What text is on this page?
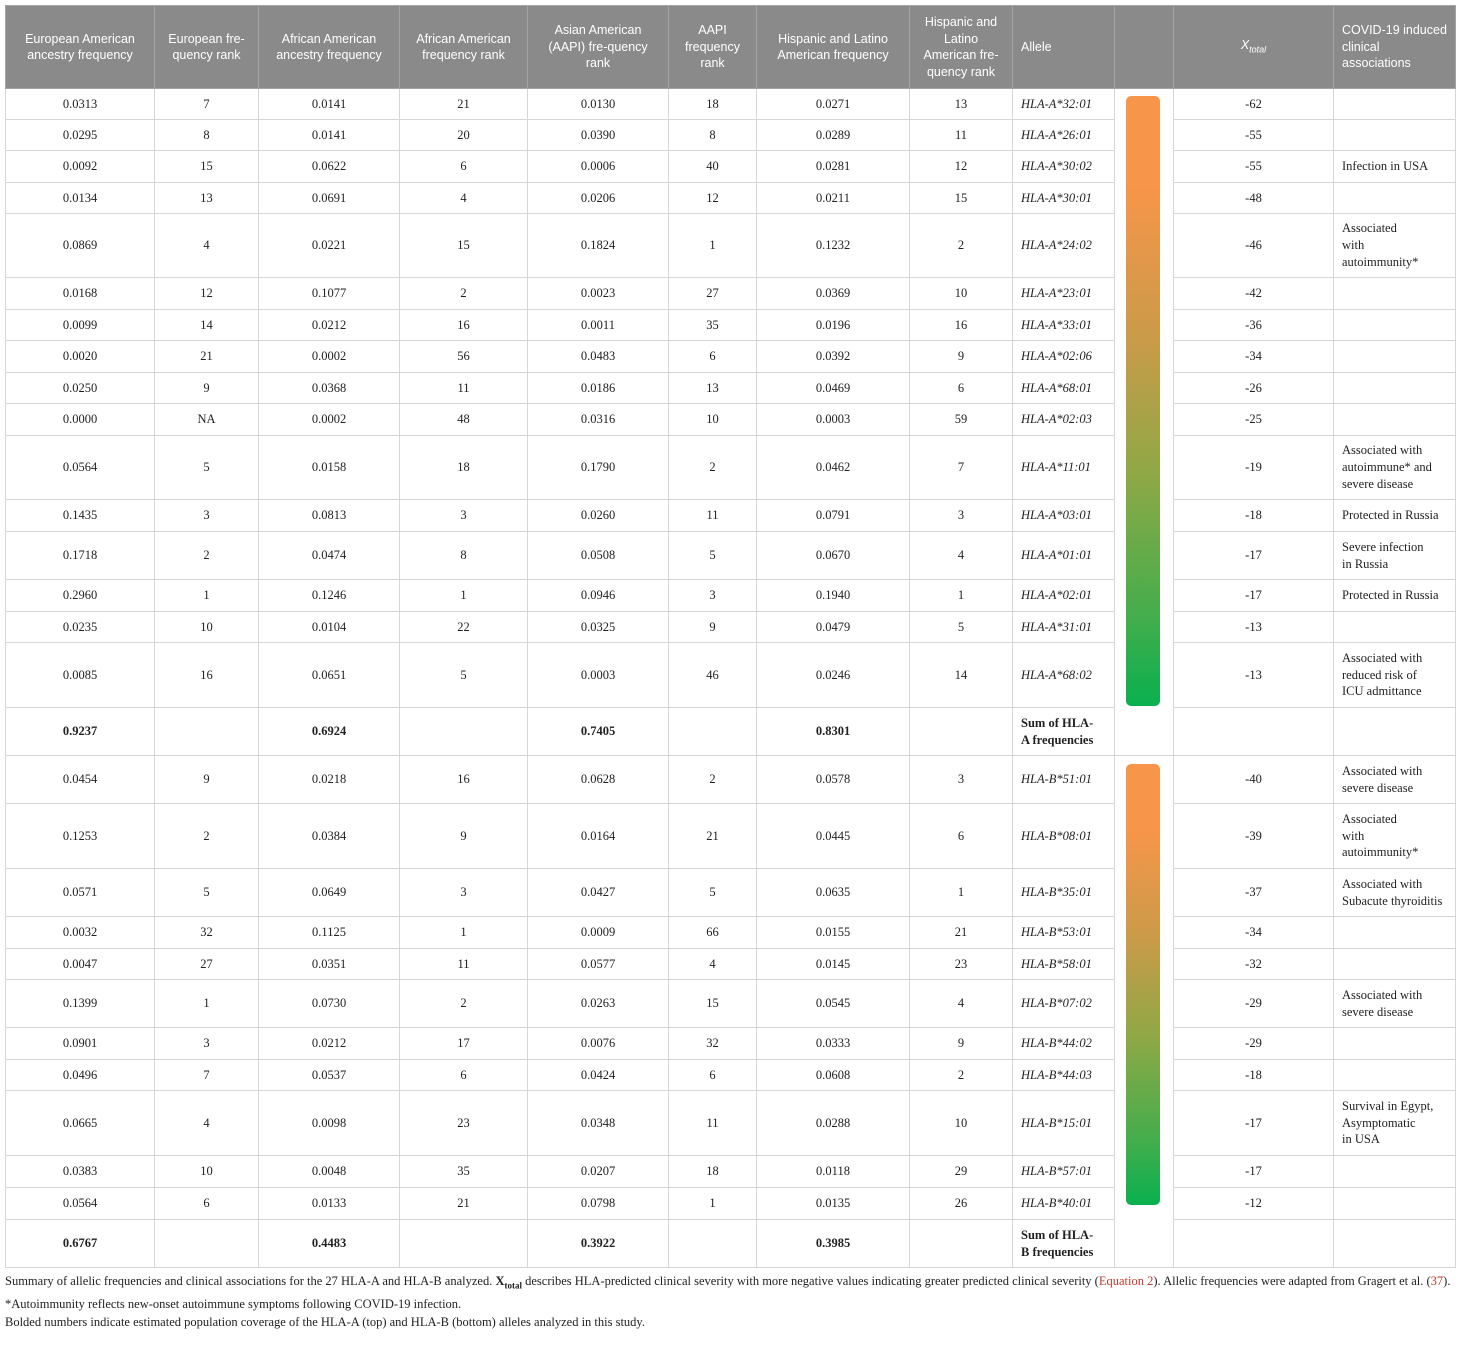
European American ancestry frequency	European fre-quency rank	African American ancestry frequency	African American frequency rank	Asian American (AAPI) fre-quency rank	AAPI frequency rank	Hispanic and Latino American frequency	Hispanic and Latino American fre-quency rank	Allele		$X_{total}$	COVID-19 induced clinical associations
0.0313	7	0.0141	21	0.0130	18	0.0271	13	HLA-A*32:01		-62	
0.0295	8	0.0141	20	0.0390	8	0.0289	11	HLA-A*26:01		-55	
0.0092	15	0.0622	6	0.0006	40	0.0281	12	HLA-A*30:02		-55	Infection in USA
0.0134	13	0.0691	4	0.0206	12	0.0211	15	HLA-A*30:01		-48	
0.0869	4	0.0221	15	0.1824	1	0.1232	2	HLA-A*24:02		-46	Associated
with
autoimmunity*
0.0168	12	0.1077	2	0.0023	27	0.0369	10	HLA-A*23:01		-42	
0.0099	14	0.0212	16	0.0011	35	0.0196	16	HLA-A*33:01		-36	
0.0020	21	0.0002	56	0.0483	6	0.0392	9	HLA-A*02:06		-34	
0.0250	9	0.0368	11	0.0186	13	0.0469	6	HLA-A*68:01		-26	
0.0000	NA	0.0002	48	0.0316	10	0.0003	59	HLA-A*02:03		-25	
0.0564	5	0.0158	18	0.1790	2	0.0462	7	HLA-A*11:01		-19	Associated with
autoimmune* and
severe disease
0.1435	3	0.0813	3	0.0260	11	0.0791	3	HLA-A*03:01		-18	Protected in Russia
0.1718	2	0.0474	8	0.0508	5	0.0670	4	HLA-A*01:01		-17	Severe infection
in Russia
0.2960	1	0.1246	1	0.0946	3	0.1940	1	HLA-A*02:01		-17	Protected in Russia
0.0235	10	0.0104	22	0.0325	9	0.0479	5	HLA-A*31:01		-13	
0.0085	16	0.0651	5	0.0003	46	0.0246	14	HLA-A*68:02		-13	Associated with
reduced risk of
ICU admittance
0.9237		0.6924		0.7405		0.8301		Sum of HLA-
A frequencies			
0.0454	9	0.0218	16	0.0628	2	0.0578	3	HLA-B*51:01		-40	Associated with
severe disease
0.1253	2	0.0384	9	0.0164	21	0.0445	6	HLA-B*08:01		-39	Associated
with
autoimmunity*
0.0571	5	0.0649	3	0.0427	5	0.0635	1	HLA-B*35:01		-37	Associated with
Subacute thyroiditis
0.0032	32	0.1125	1	0.0009	66	0.0155	21	HLA-B*53:01		-34	
0.0047	27	0.0351	11	0.0577	4	0.0145	23	HLA-B*58:01		-32	
0.1399	1	0.0730	2	0.0263	15	0.0545	4	HLA-B*07:02		-29	Associated with
severe disease
0.0901	3	0.0212	17	0.0076	32	0.0333	9	HLA-B*44:02		-29	
0.0496	7	0.0537	6	0.0424	6	0.0608	2	HLA-B*44:03		-18	
0.0665	4	0.0098	23	0.0348	11	0.0288	10	HLA-B*15:01		-17	Survival in Egypt,
Asymptomatic
in USA
0.0383	10	0.0048	35	0.0207	18	0.0118	29	HLA-B*57:01		-17	
0.0564	6	0.0133	21	0.0798	1	0.0135	26	HLA-B*40:01		-12	
0.6767		0.4483		0.3922		0.3985		Sum of HLA-
B frequencies			

Summary of allelic frequencies and clinical associations for the 27 HLA-A and HLA-B analyzed. $X_{total}$ describes HLA-predicted clinical severity with more negative values indicating greater predicted clinical severity (Equation 2). Allelic frequencies were adapted from Gragert et al. (37).

*Autoimmunity reflects new-onset autoimmune symptoms following COVID-19 infection.

Bolded numbers indicate estimated population coverage of the HLA-A (top) and HLA-B (bottom) alleles analyzed in this study.
